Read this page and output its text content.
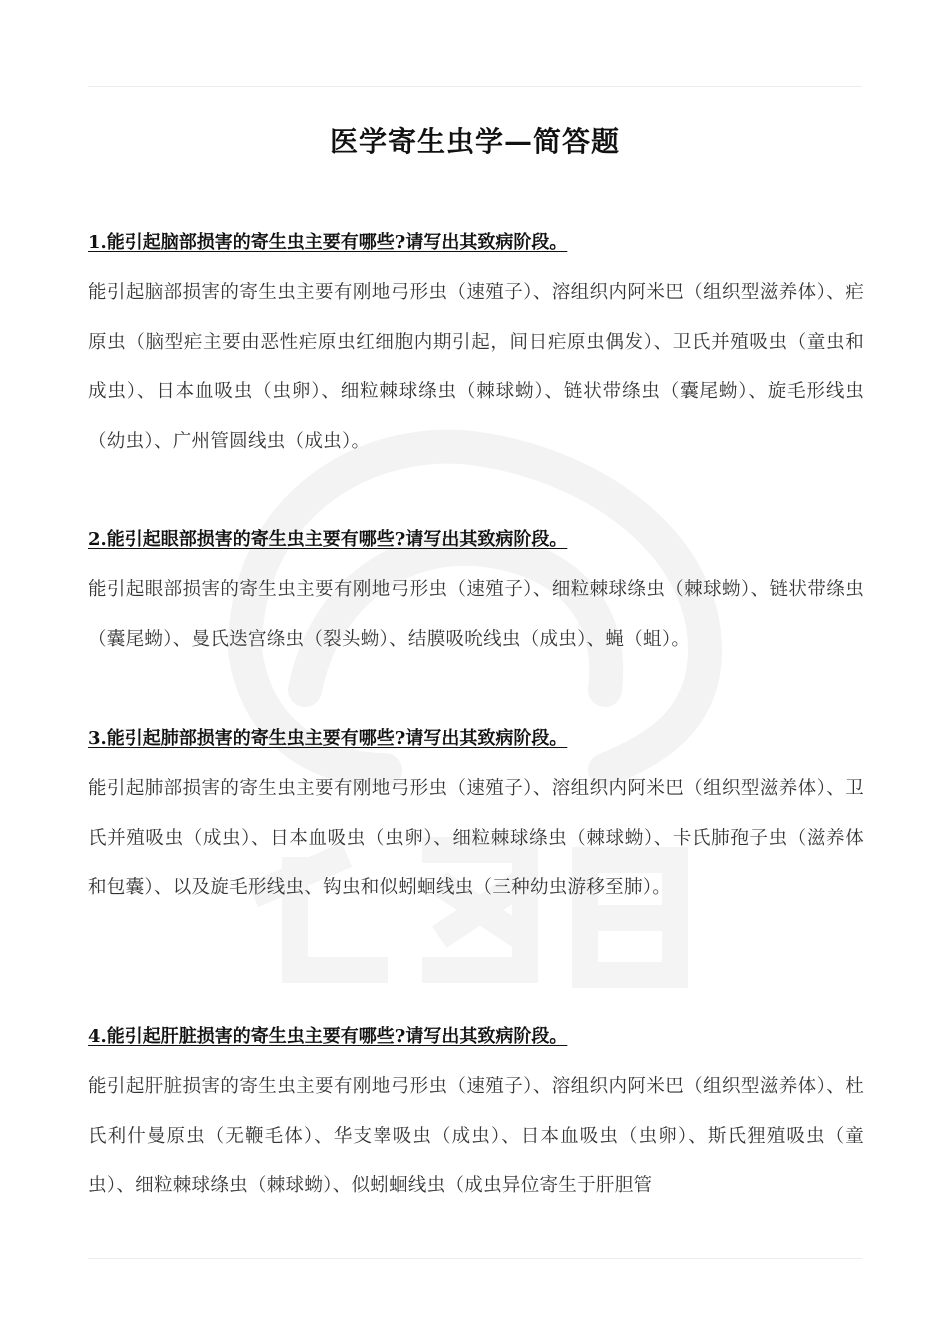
医学寄生虫学—简答题

1.能引起脑部损害的寄生虫主要有哪些?请写出其致病阶段。

能引起脑部损害的寄生虫主要有刚地弓形虫（速殖子）、溶组织内阿米巴（组织型滋养体）、疟原虫（脑型疟主要由恶性疟原虫红细胞内期引起，间日疟原虫偶发）、卫氏并殖吸虫（童虫和成虫）、日本血吸虫（虫卵）、细粒棘球绦虫（棘球蚴）、链状带绦虫（囊尾蚴）、旋毛形线虫（幼虫）、广州管圆线虫（成虫）。

2.能引起眼部损害的寄生虫主要有哪些?请写出其致病阶段。

能引起眼部损害的寄生虫主要有刚地弓形虫（速殖子）、细粒棘球绦虫（棘球蚴）、链状带绦虫（囊尾蚴）、曼氏迭宫绦虫（裂头蚴）、结膜吸吮线虫（成虫）、蝇（蛆）。

3.能引起肺部损害的寄生虫主要有哪些?请写出其致病阶段。

能引起肺部损害的寄生虫主要有刚地弓形虫（速殖子）、溶组织内阿米巴（组织型滋养体）、卫氏并殖吸虫（成虫）、日本血吸虫（虫卵）、细粒棘球绦虫（棘球蚴）、卡氏肺孢子虫（滋养体和包囊）、以及旋毛形线虫、钩虫和似蚓蛔线虫（三种幼虫游移至肺）。

4.能引起肝脏损害的寄生虫主要有哪些?请写出其致病阶段。

能引起肝脏损害的寄生虫主要有刚地弓形虫（速殖子）、溶组织内阿米巴（组织型滋养体）、杜氏利什曼原虫（无鞭毛体）、华支睾吸虫（成虫）、日本血吸虫（虫卵）、斯氏狸殖吸虫（童虫）、细粒棘球绦虫（棘球蚴）、似蚓蛔线虫（成虫异位寄生于肝胆管
